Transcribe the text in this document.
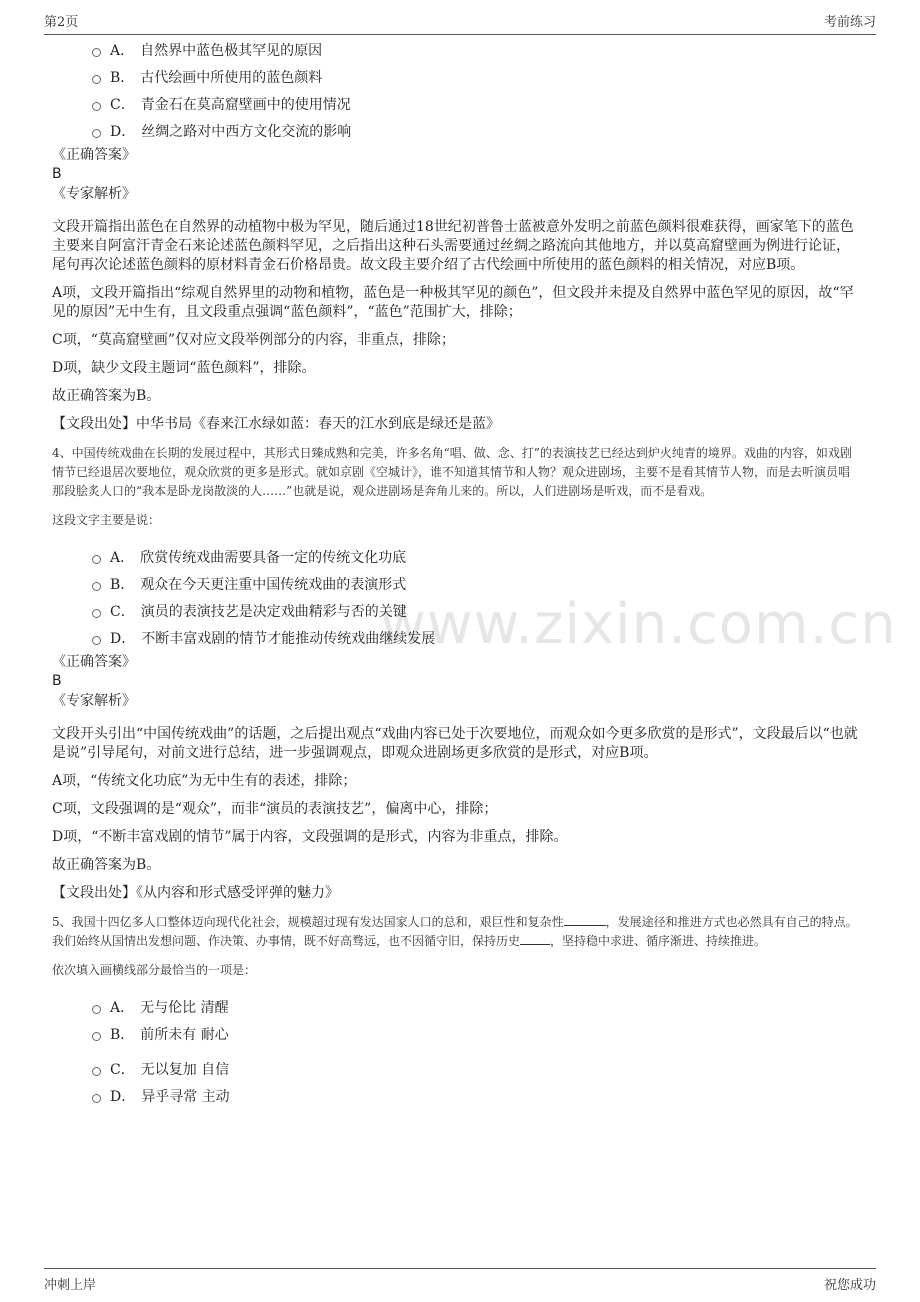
第2页	考前练习
www.zixin.com.cn
A． 自然界中蓝色极其罕见的原因
B． 古代绘画中所使用的蓝色颜料
C． 青金石在莫高窟壁画中的使用情况
D． 丝绸之路对中西方文化交流的影响
《正确答案》
B
《专家解析》

文段开篇指出蓝色在自然界的动植物中极为罕见，随后通过18世纪初普鲁士蓝被意外发明之前蓝色颜料很难获得，画家笔下的蓝色主要来自阿富汗青金石来论述蓝色颜料罕见，之后指出这种石头需要通过丝绸之路流向其他地方，并以莫高窟壁画为例进行论证，尾句再次论述蓝色颜料的原材料青金石价格昂贵。故文段主要介绍了古代绘画中所使用的蓝色颜料的相关情况，对应B项。

A项，文段开篇指出“综观自然界里的动物和植物，蓝色是一种极其罕见的颜色”，但文段并未提及自然界中蓝色罕见的原因，故“罕见的原因”无中生有，且文段重点强调“蓝色颜料”，“蓝色”范围扩大，排除；

C项，“莫高窟壁画”仅对应文段举例部分的内容，非重点，排除；

D项，缺少文段主题词“蓝色颜料”，排除。

故正确答案为B。

【文段出处】中华书局《春来江水绿如蓝：春天的江水到底是绿还是蓝》

4、中国传统戏曲在长期的发展过程中，其形式日臻成熟和完美，许多名角“唱、做、念、打”的表演技艺已经达到炉火纯青的境界。戏曲的内容，如戏剧情节已经退居次要地位，观众欣赏的更多是形式。就如京剧《空城计》，谁不知道其情节和人物？观众进剧场，主要不是看其情节人物，而是去听演员唱那段脍炙人口的“我本是卧龙岗散淡的人……”也就是说，观众进剧场是奔角儿来的。所以，人们进剧场是听戏，而不是看戏。

这段文字主要是说：

A． 欣赏传统戏曲需要具备一定的传统文化功底
B． 观众在今天更注重中国传统戏曲的表演形式
C． 演员的表演技艺是决定戏曲精彩与否的关键
D． 不断丰富戏剧的情节才能推动传统戏曲继续发展
《正确答案》
B
《专家解析》

文段开头引出“中国传统戏曲”的话题，之后提出观点“戏曲内容已处于次要地位，而观众如今更多欣赏的是形式”，文段最后以“也就是说”引导尾句，对前文进行总结，进一步强调观点，即观众进剧场更多欣赏的是形式，对应B项。

A项，“传统文化功底”为无中生有的表述，排除；

C项，文段强调的是“观众”，而非“演员的表演技艺”，偏离中心，排除；

D项，“不断丰富戏剧的情节”属于内容，文段强调的是形式，内容为非重点，排除。

故正确答案为B。

【文段出处】《从内容和形式感受评弹的魅力》

5、我国十四亿多人口整体迈向现代化社会，规模超过现有发达国家人口的总和，艰巨性和复杂性	，发展途径和推进方式也必然具有自己的特点。我们始终从国情出发想问题、作决策、办事情，既不好高骛远，也不因循守旧，保持历史	，坚持稳中求进、循序渐进、持续推进。

依次填入画横线部分最恰当的一项是：

A． 无与伦比 清醒
B． 前所未有 耐心
C． 无以复加 自信
D． 异乎寻常 主动
冲刺上岸	祝您成功
